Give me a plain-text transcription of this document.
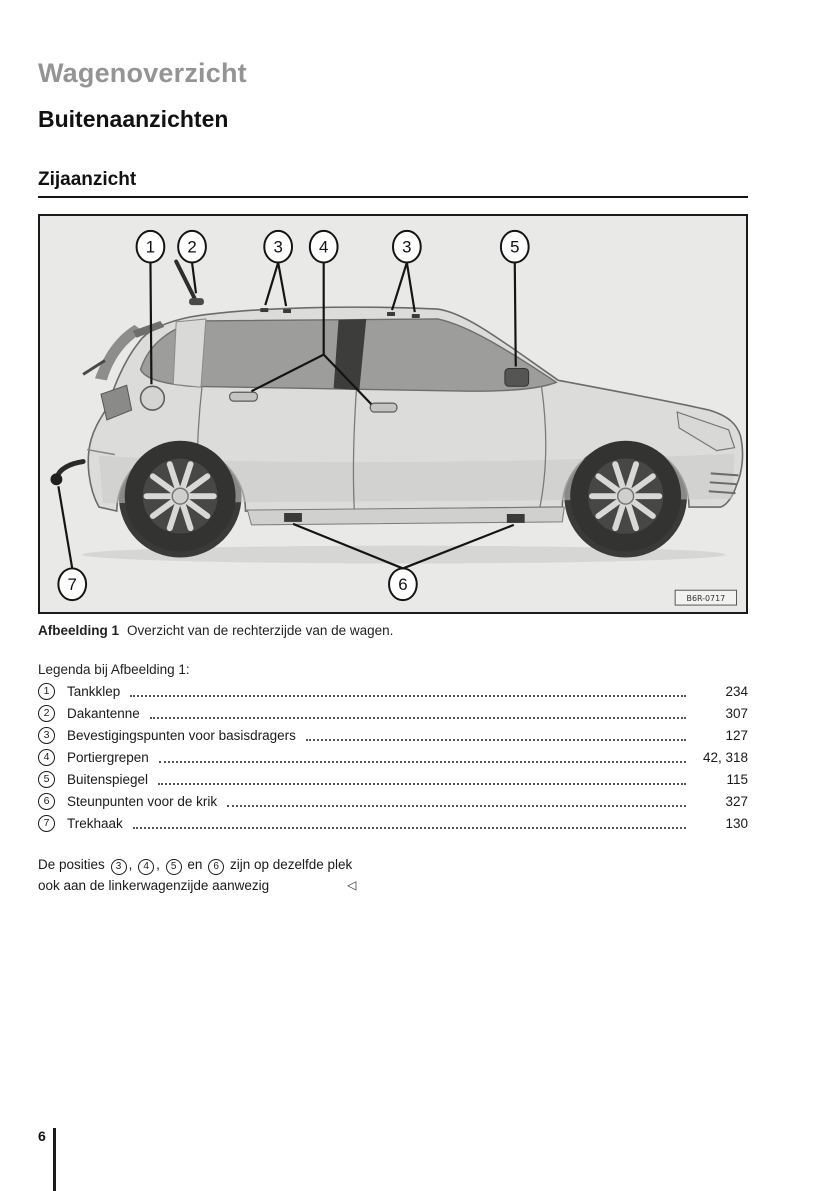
Wagenoverzicht
Buitenaanzichten
Zijaanzicht
1 2	3 4	3	5
7	6
B6R-0717
Afbeelding 1 Overzicht van de rechterzijde van de wagen.
Legenda bij Afbeelding 1:
1	Tankklep	234
2	Dakantenne	307
3	Bevestigingspunten voor basisdragers	127
4	Portiergrepen	42, 318
5	Buitenspiegel	115
6	Steunpunten voor de krik	327
7	Trekhaak	130
De posities 3 , 4 , 5 en 6 zijn op dezelfde plek
ook aan de linkerwagenzijde aanwezig	◁
6
